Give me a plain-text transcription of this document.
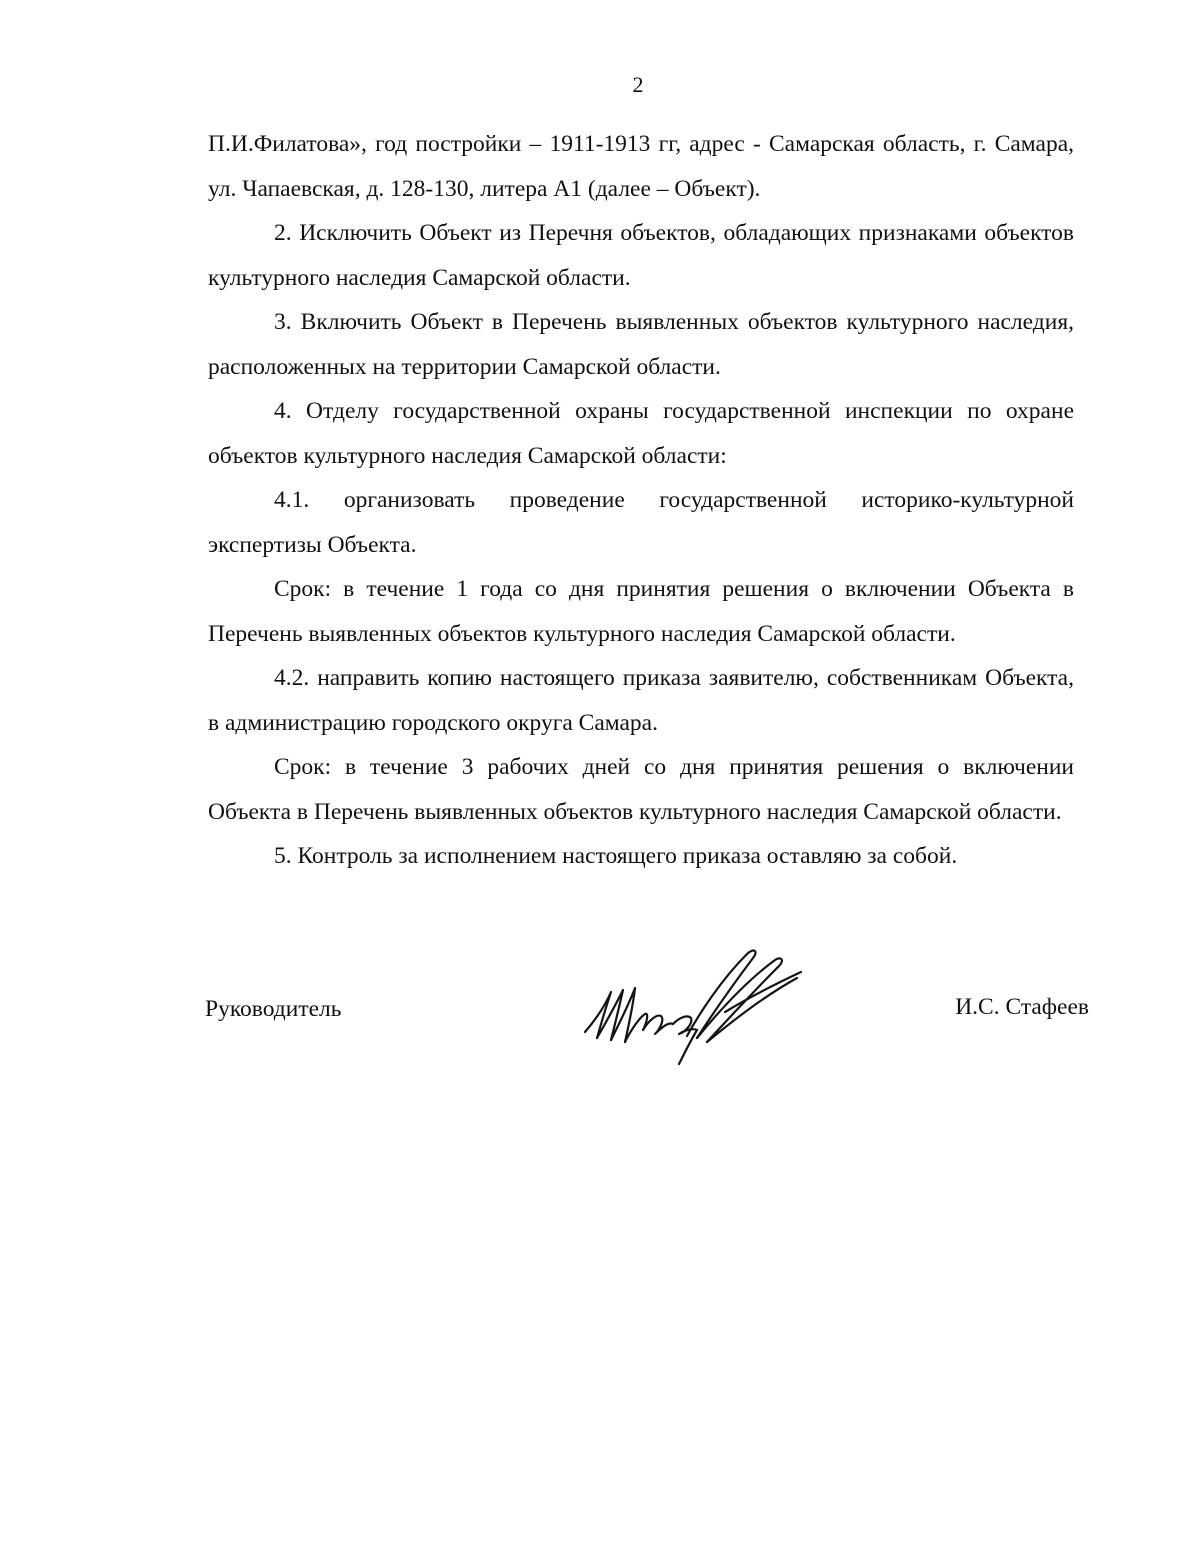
2

П.И.Филатова», год постройки – 1911-1913 гг, адрес - Самарская область, г. Самара, ул. Чапаевская, д. 128-130, литера А1 (далее – Объект).

2. Исключить Объект из Перечня объектов, обладающих признаками объектов культурного наследия Самарской области.

3. Включить Объект в Перечень выявленных объектов культурного наследия, расположенных на территории Самарской области.

4. Отделу государственной охраны государственной инспекции по охране объектов культурного наследия Самарской области:

4.1. организовать проведение государственной историко-культурной экспертизы Объекта.

Срок: в течение 1 года со дня принятия решения о включении Объекта в Перечень выявленных объектов культурного наследия Самарской области.

4.2. направить копию настоящего приказа заявителю, собственникам Объекта, в администрацию городского округа Самара.

Срок: в течение 3 рабочих дней со дня принятия решения о включении Объекта в Перечень выявленных объектов культурного наследия Самарской области.

5. Контроль за исполнением настоящего приказа оставляю за собой.

Руководитель	И.С. Стафеев
